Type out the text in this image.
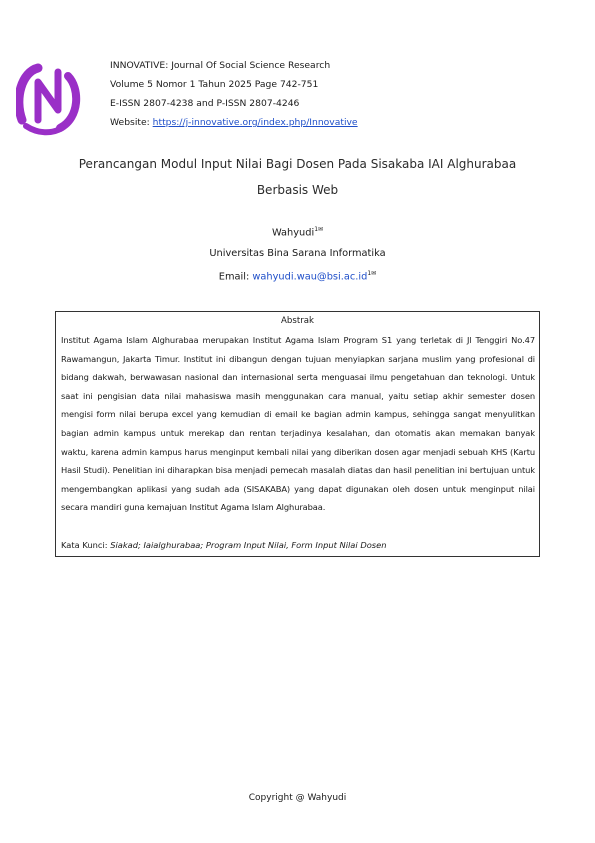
INNOVATIVE: Journal Of Social Science Research
Volume 5 Nomor 1 Tahun 2025 Page 742-751
E-ISSN 2807-4238 and P-ISSN 2807-4246
Website: https://j-innovative.org/index.php/Innovative
Perancangan Modul Input Nilai Bagi Dosen Pada Sisakaba IAI Alghurabaa
Berbasis Web
Wahyudi$^{1✉}$
Universitas Bina Sarana Informatika
Email: $wahyudi.wau@bsi.ac.id^{1✉}$
Abstrak
Institut Agama Islam Alghurabaa merupakan Institut Agama Islam Program S1 yang terletak di Jl Tenggiri No.47 Rawamangun, Jakarta Timur. Institut ini dibangun dengan tujuan menyiapkan sarjana muslim yang profesional di bidang dakwah, berwawasan nasional dan internasional serta menguasai ilmu pengetahuan dan teknologi. Untuk saat ini pengisian data nilai mahasiswa masih menggunakan cara manual, yaitu setiap akhir semester dosen mengisi form nilai berupa excel yang kemudian di email ke bagian admin kampus, sehingga sangat menyulitkan bagian admin kampus untuk merekap dan rentan terjadinya kesalahan, dan otomatis akan memakan banyak waktu, karena admin kampus harus menginput kembali nilai yang diberikan dosen agar menjadi sebuah KHS (Kartu Hasil Studi). Penelitian ini diharapkan bisa menjadi pemecah masalah diatas dan hasil penelitian ini bertujuan untuk mengembangkan aplikasi yang sudah ada (SISAKABA) yang dapat digunakan oleh dosen untuk menginput nilai secara mandiri guna kemajuan Institut Agama Islam Alghurabaa.
Kata Kunci: Siakad; Iaialghurabaa; Program Input Nilai, Form Input Nilai Dosen
Copyright @ Wahyudi
